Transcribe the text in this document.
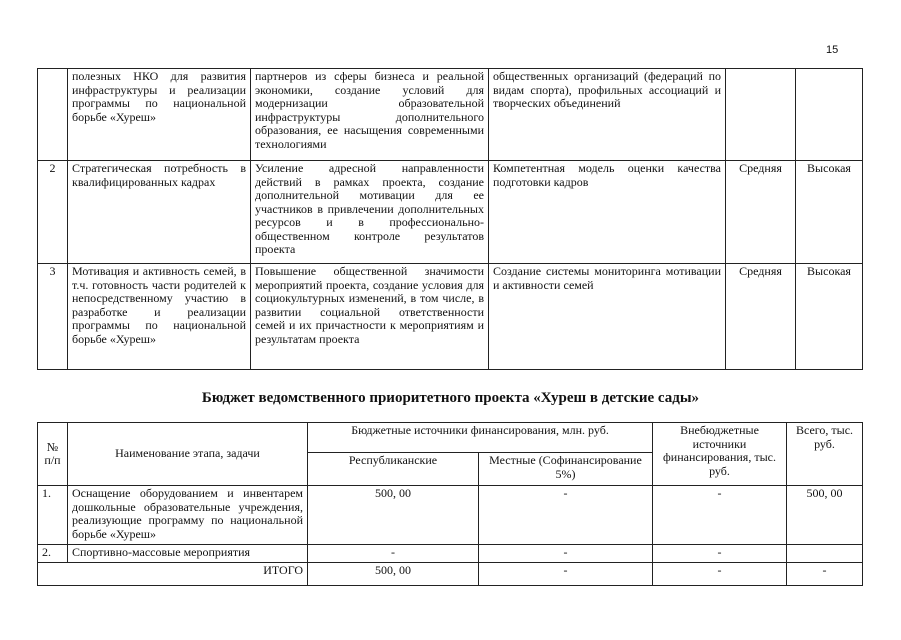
15
	полезных НКО для развития инфраструктуры и реализации программы по национальной борьбе «Хуреш»	партнеров из сферы бизнеса и реальной экономики, создание условий для модернизации образовательной инфраструктуры дополнительного образования, ее насыщения современными технологиями	общественных организаций (федераций по видам спорта), профильных ассоциаций и творческих объединений		
2	Стратегическая потребность в квалифицированных кадрах	Усиление адресной направленности действий в рамках проекта, создание дополнительной мотивации для ее участников в привлечении дополнительных ресурсов и в профессионально-общественном контроле результатов проекта	Компетентная модель оценки качества подготовки кадров	Средняя	Высокая
3	Мотивация и активность семей, в т.ч. готовность части родителей к непосредственному участию в разработке и реализации программы по национальной борьбе «Хуреш»	Повышение общественной значимости мероприятий проекта, создание условия для социокультурных изменений, в том числе, в развитии социальной ответственности семей и их причастности к мероприятиям и результатам проекта	Создание системы мониторинга мотивации и активности семей	Средняя	Высокая
Бюджет ведомственного приоритетного проекта «Хуреш в детские сады»
№ п/п	Наименование этапа, задачи	Бюджетные источники финансирования, млн. руб.		Внебюджетные источники финансирования, тыс. руб.	Всего, тыс. руб.
		Республиканские	Местные (Софинансирование 5%)		
1.	Оснащение оборудованием и инвентарем дошкольные образовательные учреждения, реализующие программу по национальной борьбе «Хуреш»	500, 00	-	-	500, 00
2.	Спортивно-массовые мероприятия	-	-	-	
ИТОГО		500, 00	-	-	-
